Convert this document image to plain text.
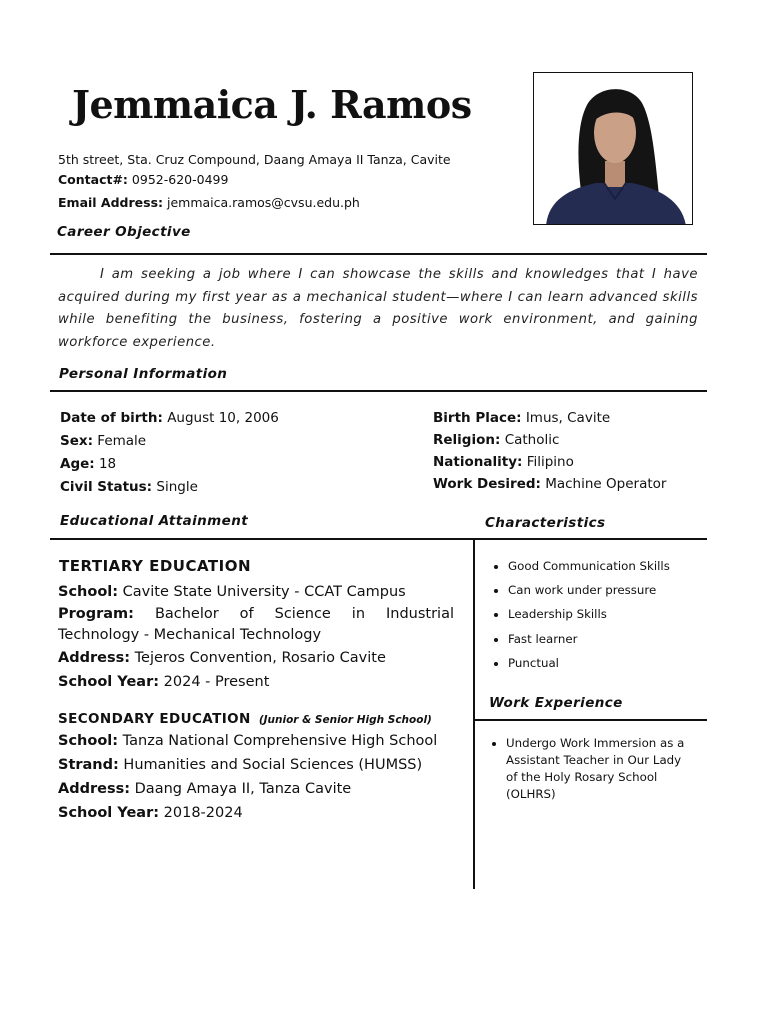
Jemmaica J. Ramos
5th street, Sta. Cruz Compound, Daang Amaya II Tanza, Cavite
Contact#: 0952-620-0499
Email Address: jemmaica.ramos@cvsu.edu.ph
Career Objective
I am seeking a job where I can showcase the skills and knowledges that I have acquired during my first year as a mechanical student—where I can learn advanced skills while benefiting the business, fostering a positive work environment, and gaining workforce experience.
Personal Information
Date of birth: August 10, 2006
Sex: Female
Age: 18
Civil Status: Single
Birth Place: Imus, Cavite
Religion: Catholic
Nationality: Filipino
Work Desired: Machine Operator
Educational Attainment	Characteristics
TERTIARY EDUCATION
School: Cavite State University - CCAT Campus
Program: Bachelor of Science in Industrial Technology - Mechanical Technology
Address: Tejeros Convention, Rosario Cavite
School Year: 2024 - Present
SECONDARY EDUCATION (Junior & Senior High School)
School: Tanza National Comprehensive High School
Strand: Humanities and Social Sciences (HUMSS)
Address: Daang Amaya II, Tanza Cavite
School Year: 2018-2024
• Good Communication Skills
• Can work under pressure
• Leadership Skills
• Fast learner
• Punctual
Work Experience
• Undergo Work Immersion as a Assistant Teacher in Our Lady of the Holy Rosary School (OLHRS)
